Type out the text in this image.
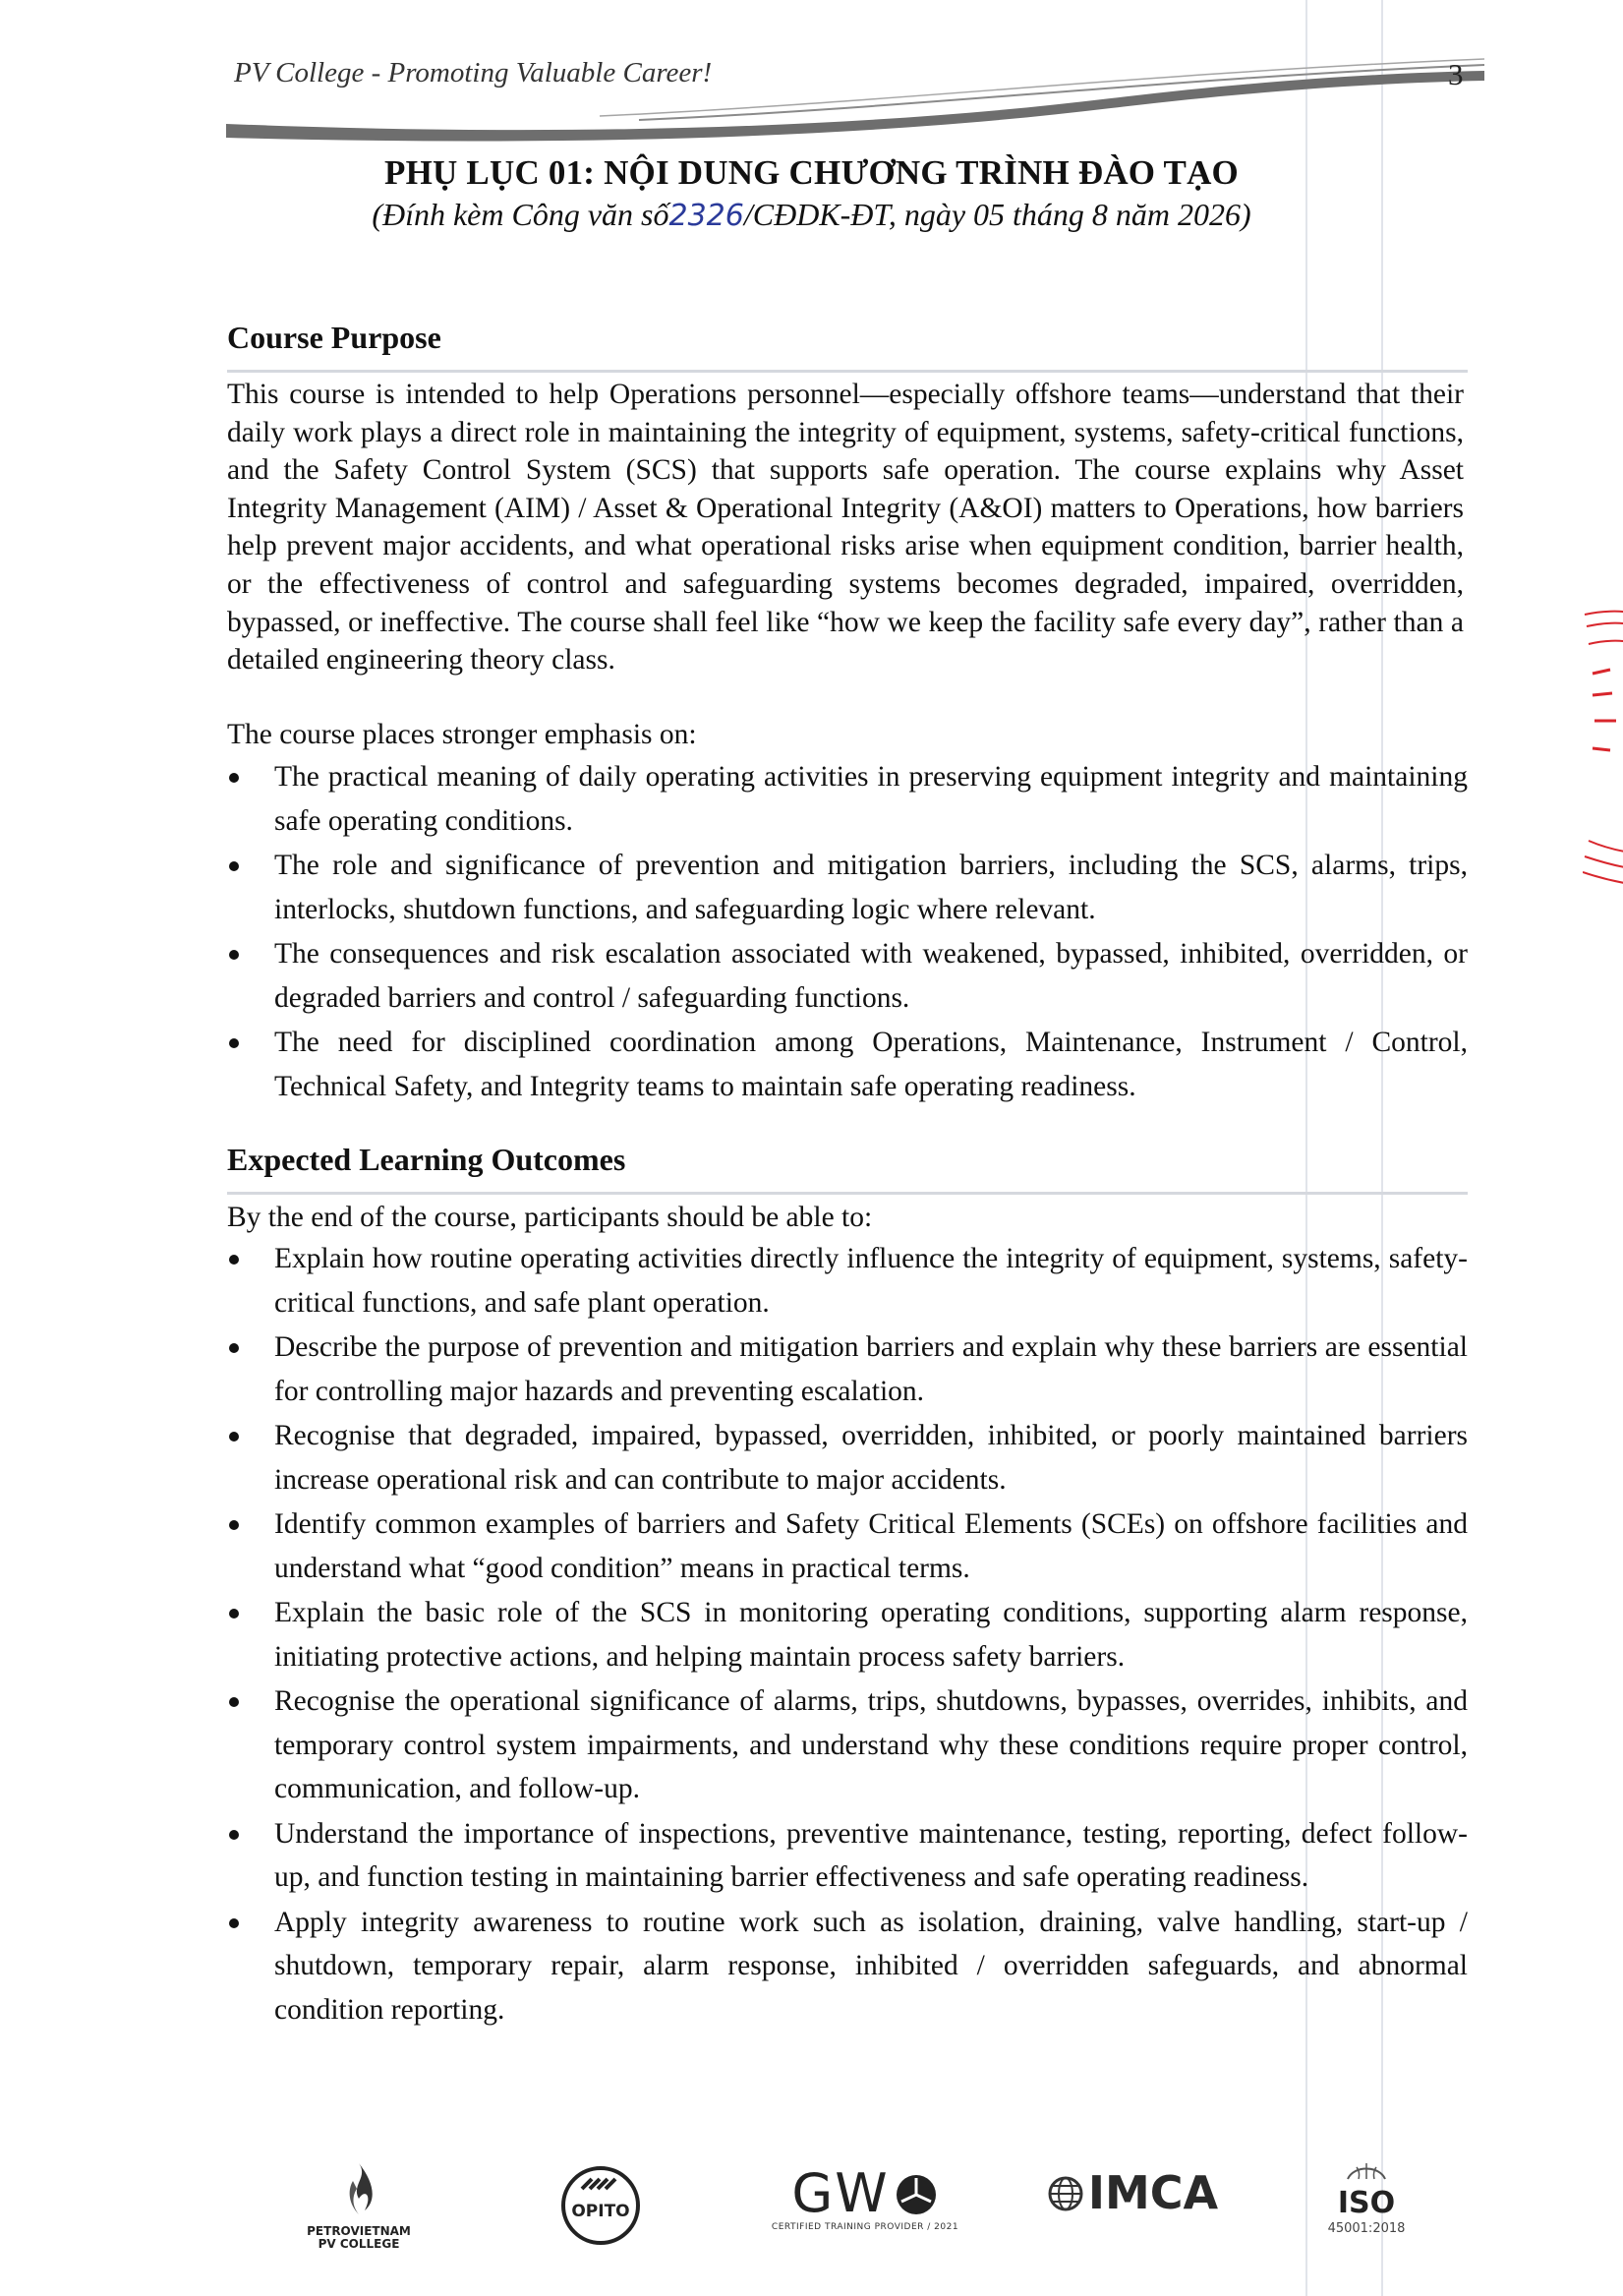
PV College - Promoting Valuable Career!	3
PHỤ LỤC 01: NỘI DUNG CHƯƠNG TRÌNH ĐÀO TẠO
(Đính kèm Công văn số2326/CĐDK-ĐT, ngày 05 tháng 8 năm 2026)
Course Purpose
This course is intended to help Operations personnel—especially offshore teams—understand that their daily work plays a direct role in maintaining the integrity of equipment, systems, safety-critical functions, and the Safety Control System (SCS) that supports safe operation. The course explains why Asset Integrity Management (AIM) / Asset & Operational Integrity (A&OI) matters to Operations, how barriers help prevent major accidents, and what operational risks arise when equipment condition, barrier health, or the effectiveness of control and safeguarding systems becomes degraded, impaired, overridden, bypassed, or ineffective. The course shall feel like “how we keep the facility safe every day”, rather than a detailed engineering theory class.
The course places stronger emphasis on:
The practical meaning of daily operating activities in preserving equipment integrity and maintaining safe operating conditions.
The role and significance of prevention and mitigation barriers, including the SCS, alarms, trips, interlocks, shutdown functions, and safeguarding logic where relevant.
The consequences and risk escalation associated with weakened, bypassed, inhibited, overridden, or degraded barriers and control / safeguarding functions.
The need for disciplined coordination among Operations, Maintenance, Instrument / Control, Technical Safety, and Integrity teams to maintain safe operating readiness.
Expected Learning Outcomes
By the end of the course, participants should be able to:
Explain how routine operating activities directly influence the integrity of equipment, systems, safety-critical functions, and safe plant operation.
Describe the purpose of prevention and mitigation barriers and explain why these barriers are essential for controlling major hazards and preventing escalation.
Recognise that degraded, impaired, bypassed, overridden, inhibited, or poorly maintained barriers increase operational risk and can contribute to major accidents.
Identify common examples of barriers and Safety Critical Elements (SCEs) on offshore facilities and understand what “good condition” means in practical terms.
Explain the basic role of the SCS in monitoring operating conditions, supporting alarm response, initiating protective actions, and helping maintain process safety barriers.
Recognise the operational significance of alarms, trips, shutdowns, bypasses, overrides, inhibits, and temporary control system impairments, and understand why these conditions require proper control, communication, and follow-up.
Understand the importance of inspections, preventive maintenance, testing, reporting, defect follow-up, and function testing in maintaining barrier effectiveness and safe operating readiness.
Apply integrity awareness to routine work such as isolation, draining, valve handling, start-up / shutdown, temporary repair, alarm response, inhibited / overridden safeguards, and abnormal condition reporting.
PETROVIETNAM
PV COLLEGE
OPITO	GW
CERTIFIED TRAINING PROVIDER / 2021
IMCA	ISO
45001:2018
